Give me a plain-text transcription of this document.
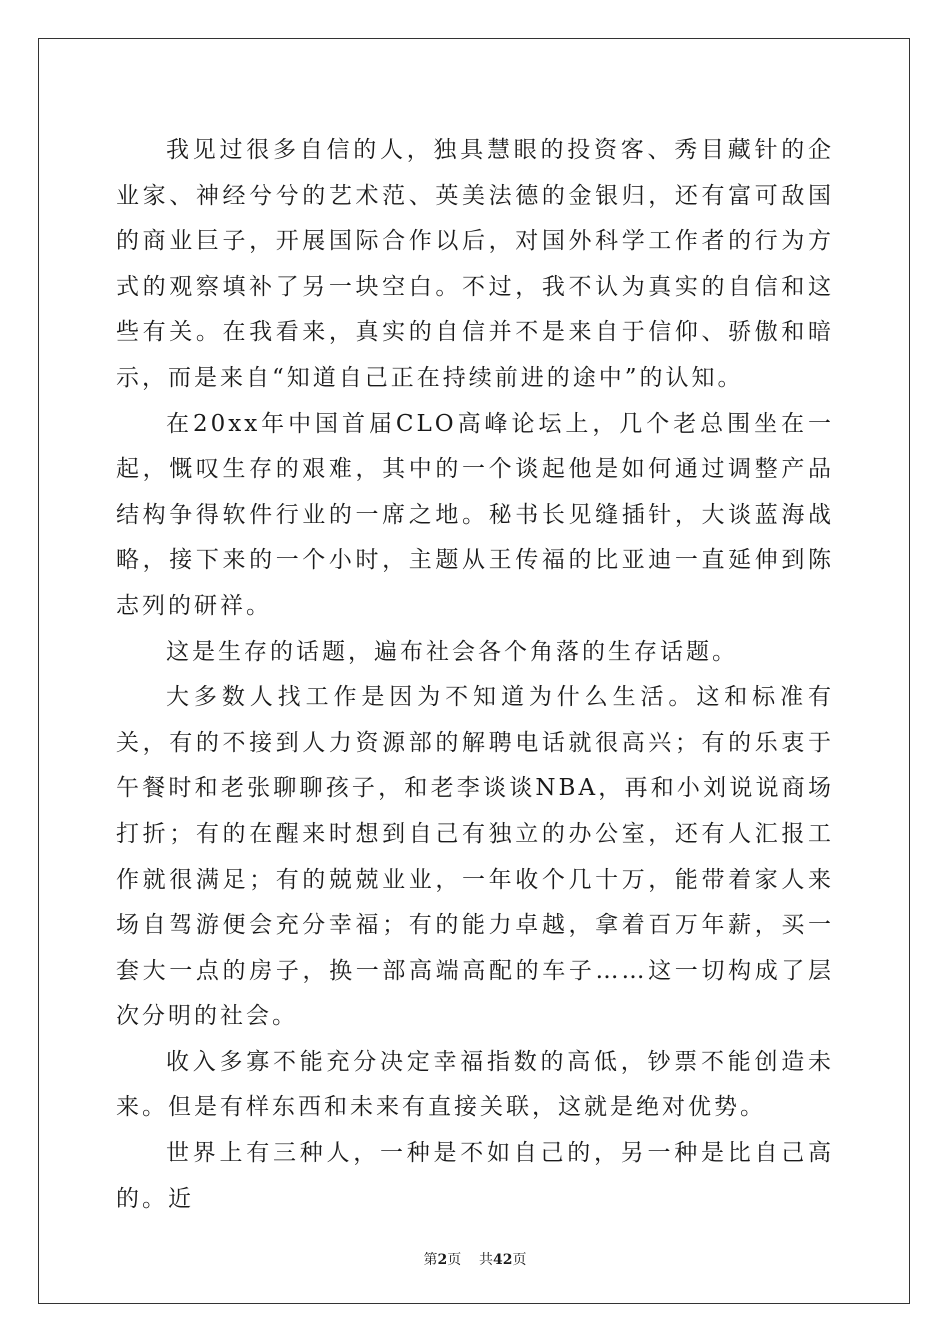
我见过很多自信的人，独具慧眼的投资客、秀目藏针的企业家、神经兮兮的艺术范、英美法德的金银归，还有富可敌国的商业巨子，开展国际合作以后，对国外科学工作者的行为方式的观察填补了另一块空白。不过，我不认为真实的自信和这些有关。在我看来，真实的自信并不是来自于信仰、骄傲和暗示，而是来自“知道自己正在持续前进的途中”的认知。

在20xx年中国首届CLO高峰论坛上，几个老总围坐在一起，慨叹生存的艰难，其中的一个谈起他是如何通过调整产品结构争得软件行业的一席之地。秘书长见缝插针，大谈蓝海战略，接下来的一个小时，主题从王传福的比亚迪一直延伸到陈志列的研祥。

这是生存的话题，遍布社会各个角落的生存话题。

大多数人找工作是因为不知道为什么生活。这和标准有关，有的不接到人力资源部的解聘电话就很高兴；有的乐衷于午餐时和老张聊聊孩子，和老李谈谈NBA，再和小刘说说商场打折；有的在醒来时想到自己有独立的办公室，还有人汇报工作就很满足；有的兢兢业业，一年收个几十万，能带着家人来场自驾游便会充分幸福；有的能力卓越，拿着百万年薪，买一套大一点的房子，换一部高端高配的车子……这一切构成了层次分明的社会。

收入多寡不能充分决定幸福指数的高低，钞票不能创造未来。但是有样东西和未来有直接关联，这就是绝对优势。

世界上有三种人，一种是不如自己的，另一种是比自己高的。近

第2页 共42页
